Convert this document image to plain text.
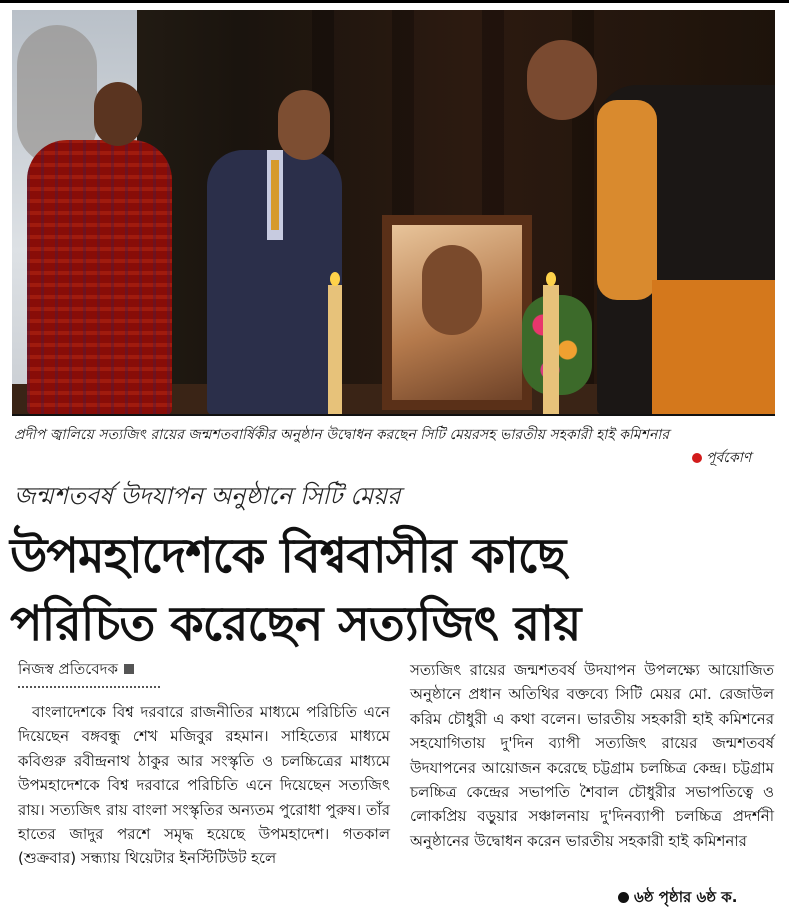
প্রদীপ জ্বালিয়ে সত্যজিৎ রায়ের জন্মশতবার্ষিকীর অনুষ্ঠান উদ্বোধন করছেন সিটি মেয়রসহ ভারতীয় সহকারী হাই কমিশনার
পূর্বকোণ
জন্মশতবর্ষ উদযাপন অনুষ্ঠানে সিটি মেয়র
উপমহাদেশকে বিশ্ববাসীর কাছে
পরিচিত করেছেন সত্যজিৎ রায়
নিজস্ব প্রতিবেদক
বাংলাদেশকে বিশ্ব দরবারে রাজনীতির মাধ্যমে পরিচিতি এনে দিয়েছেন বঙ্গবন্ধু শেখ মজিবুর রহমান। সাহিত্যের মাধ্যমে কবিগুরু রবীন্দ্রনাথ ঠাকুর আর সংস্কৃতি ও চলচ্চিত্রের মাধ্যমে উপমহাদেশকে বিশ্ব দরবারে পরিচিতি এনে দিয়েছেন সত্যজিৎ রায়। সত্যজিৎ রায় বাংলা সংস্কৃতির অন্যতম পুরোধা পুরুষ। তাঁর হাতের জাদুর পরশে সমৃদ্ধ হয়েছে উপমহাদেশ। গতকাল (শুক্রবার) সন্ধ্যায় থিয়েটার ইনস্টিটিউট হলে
সত্যজিৎ রায়ের জন্মশতবর্ষ উদযাপন উপলক্ষ্যে আয়োজিত অনুষ্ঠানে প্রধান অতিথির বক্তব্যে সিটি মেয়র মো. রেজাউল করিম চৌধুরী এ কথা বলেন। ভারতীয় সহকারী হাই কমিশনের সহযোগিতায় দু'দিন ব্যাপী সত্যজিৎ রায়ের জন্মশতবর্ষ উদযাপনের আয়োজন করেছে চট্টগ্রাম চলচ্চিত্র কেন্দ্র। চট্টগ্রাম চলচ্চিত্র কেন্দ্রের সভাপতি শৈবাল চৌধুরীর সভাপতিত্বে ও লোকপ্রিয় বড়ুয়ার সঞ্চালনায় দু'দিনব্যাপী চলচ্চিত্র প্রদর্শনী অনুষ্ঠানের উদ্বোধন করেন ভারতীয় সহকারী হাই কমিশনার
৬ষ্ঠ পৃষ্ঠার ৬ষ্ঠ ক.
